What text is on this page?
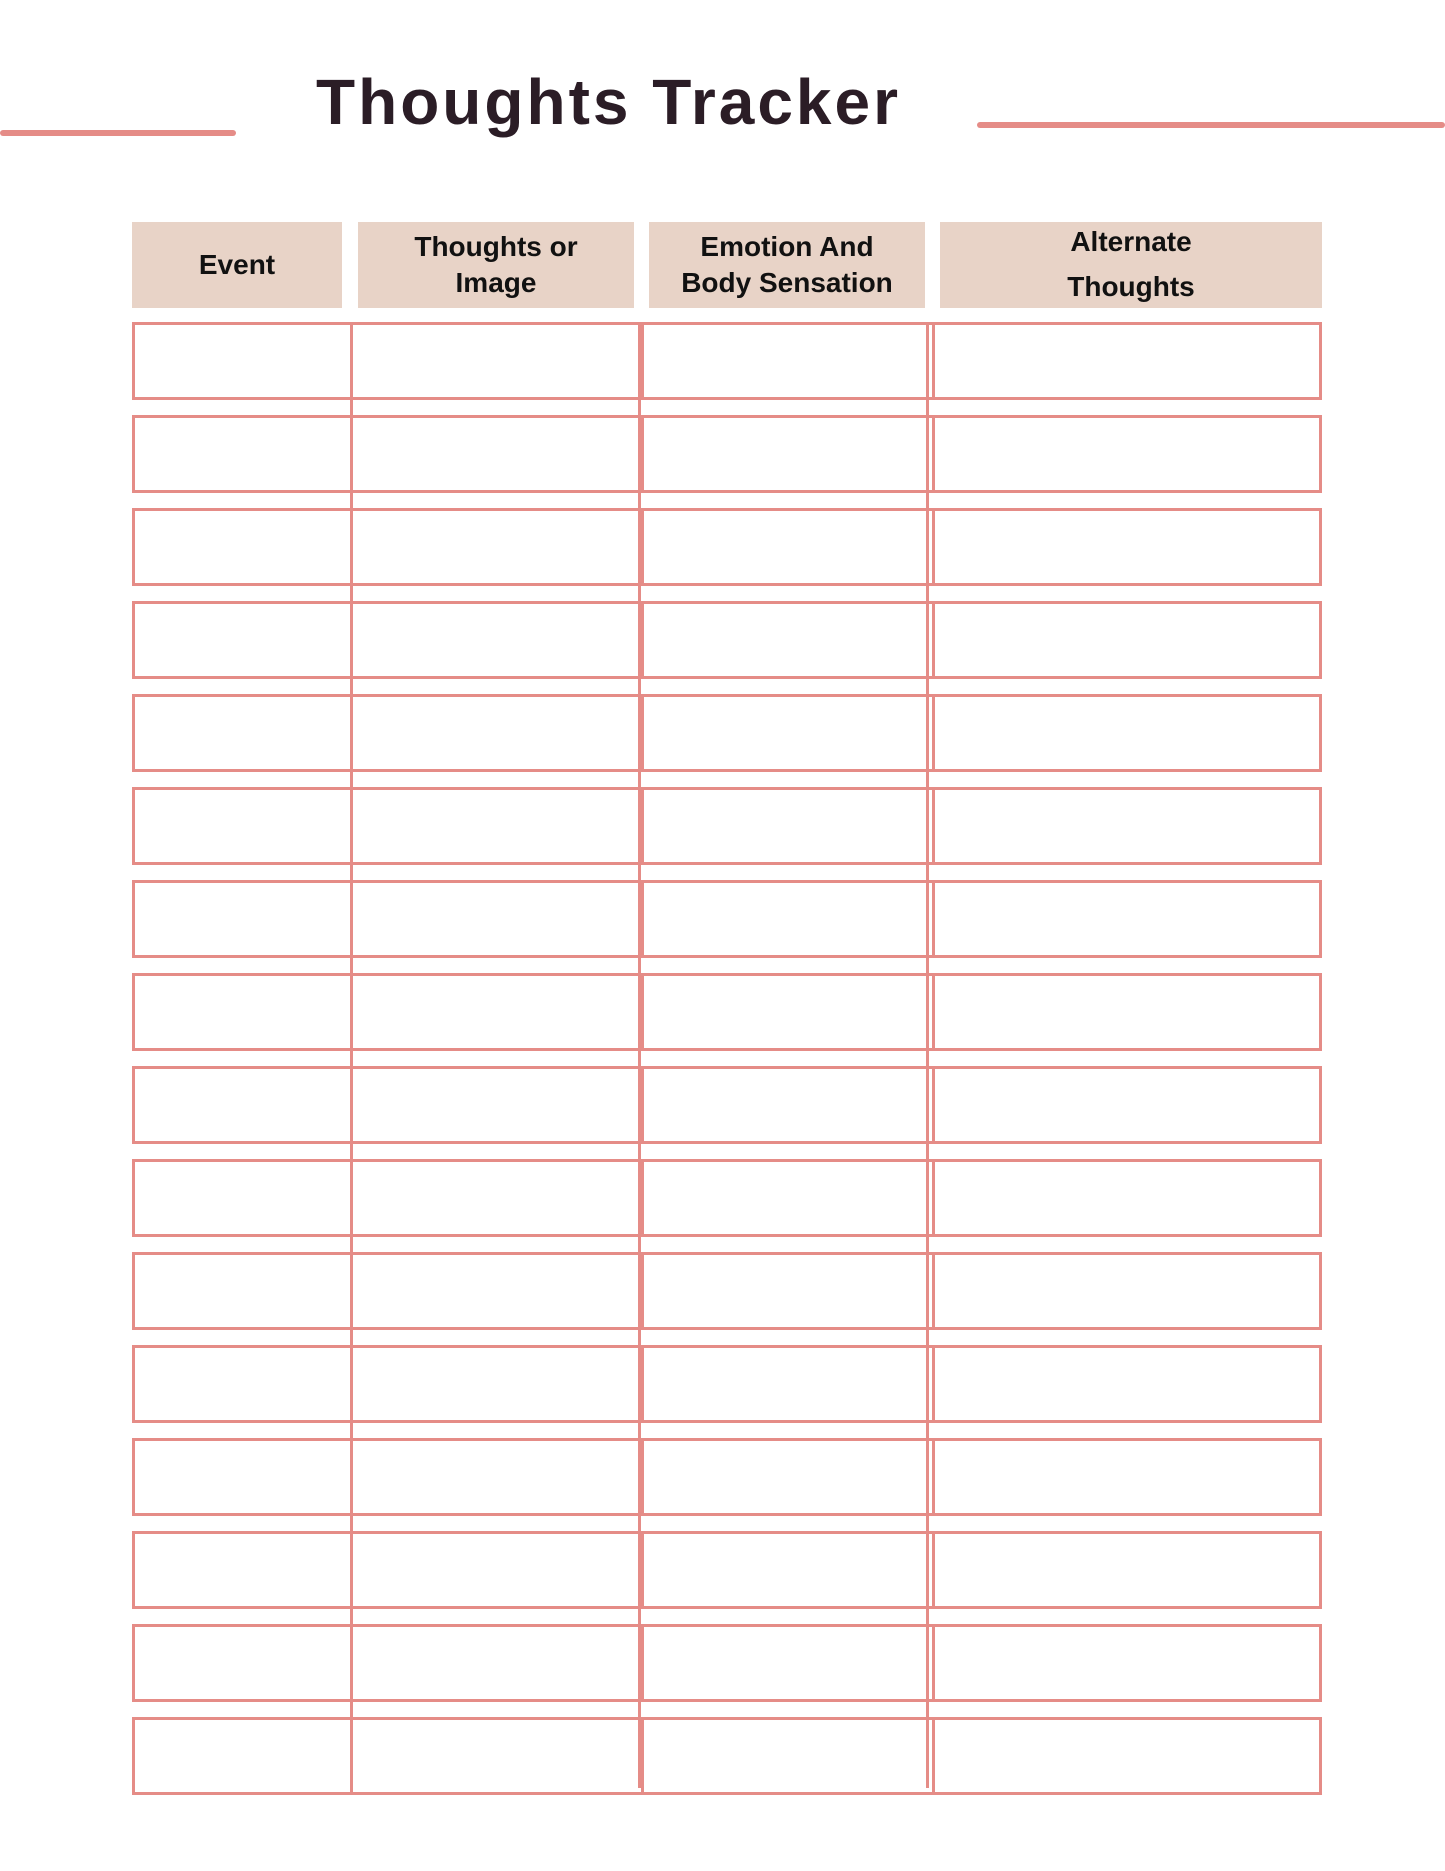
Thoughts Tracker
Event
Thoughts or
Image
Emotion And
Body Sensation
Alternate
Thoughts
